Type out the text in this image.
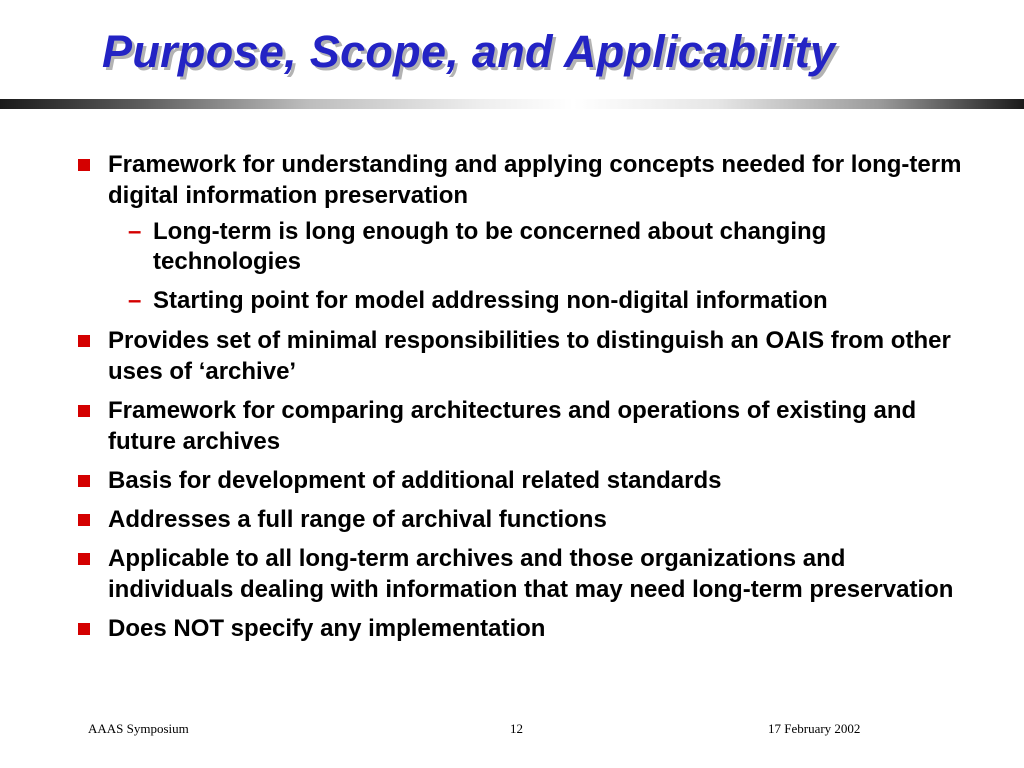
Purpose, Scope, and Applicability
Framework for understanding and applying concepts needed for long-term digital information preservation
– Long-term is long enough to be concerned about changing technologies
– Starting point for model addressing non-digital information
Provides set of minimal responsibilities to distinguish an OAIS from other uses of ‘archive’
Framework for comparing architectures and operations of existing and future archives
Basis for development of additional related standards
Addresses a full range of archival functions
Applicable to all long-term archives and those organizations and individuals dealing with information that may need long-term preservation
Does NOT specify any implementation
AAAS Symposium	12	17 February 2002
